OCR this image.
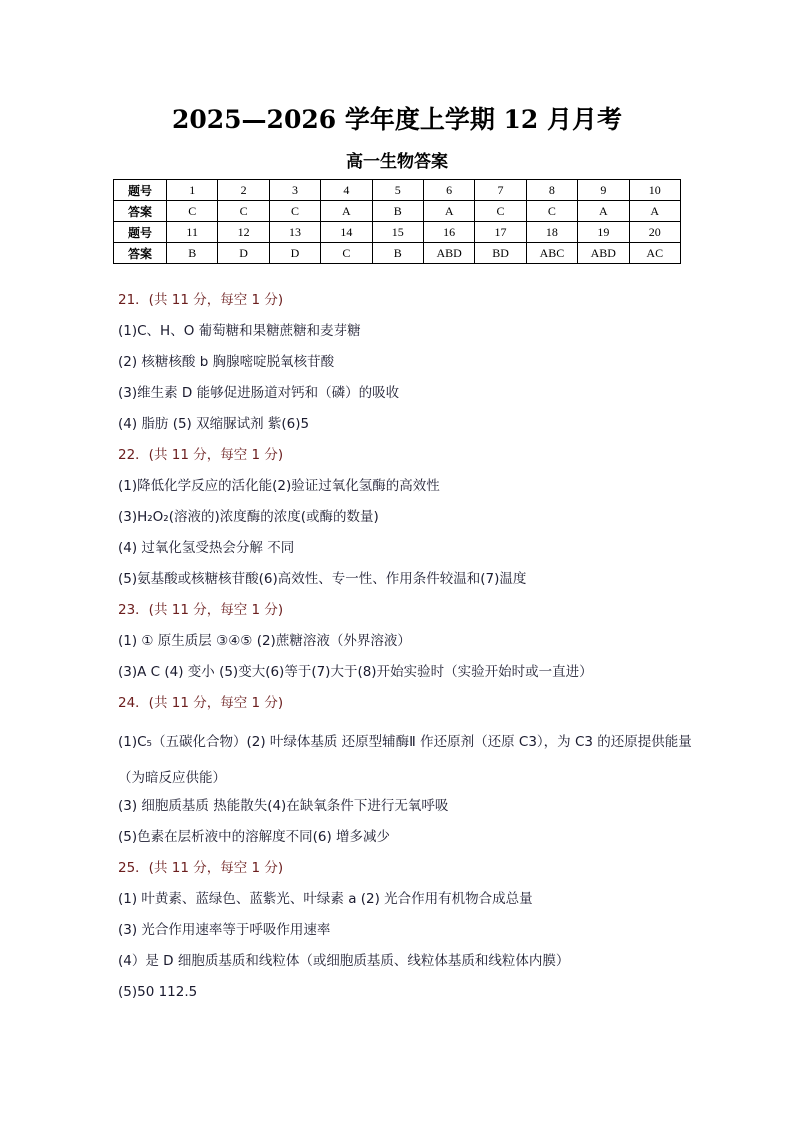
2025—2026 学年度上学期 12 月月考
高一生物答案
题号	1	2	3	4	5	6	7	8	9	10
答案	C	C	C	A	B	A	C	C	A	A
题号	11	12	13	14	15	16	17	18	19	20
答案	B	D	D	C	B	ABD	BD	ABC	ABD	AC
21．(共 11 分，每空 1 分)
(1)C、H、O 葡萄糖和果糖蔗糖和麦芽糖
(2) 核糖核酸 b 胸腺嘧啶脱氧核苷酸
(3)维生素 D 能够促进肠道对钙和（磷）的吸收
(4) 脂肪 (5) 双缩脲试剂 紫(6)5
22．(共 11 分，每空 1 分)
(1)降低化学反应的活化能(2)验证过氧化氢酶的高效性
(3)H₂O₂(溶液的)浓度酶的浓度(或酶的数量)
(4) 过氧化氢受热会分解 不同
(5)氨基酸或核糖核苷酸(6)高效性、专一性、作用条件较温和(7)温度
23．(共 11 分，每空 1 分)
(1) ① 原生质层 ③④⑤ (2)蔗糖溶液（外界溶液）
(3)A C (4) 变小 (5)变大(6)等于(7)大于(8)开始实验时（实验开始时或一直进）
24．(共 11 分，每空 1 分)
(1)C₅（五碳化合物）(2) 叶绿体基质 还原型辅酶Ⅱ 作还原剂（还原 C3），为 C3 的还原提供能量（为暗反应供能）
(3) 细胞质基质 热能散失(4)在缺氧条件下进行无氧呼吸
(5)色素在层析液中的溶解度不同(6) 增多减少
25．(共 11 分，每空 1 分)
(1) 叶黄素、蓝绿色、蓝紫光、叶绿素 a (2) 光合作用有机物合成总量
(3) 光合作用速率等于呼吸作用速率
(4）是 D 细胞质基质和线粒体（或细胞质基质、线粒体基质和线粒体内膜）
(5)50 112.5
